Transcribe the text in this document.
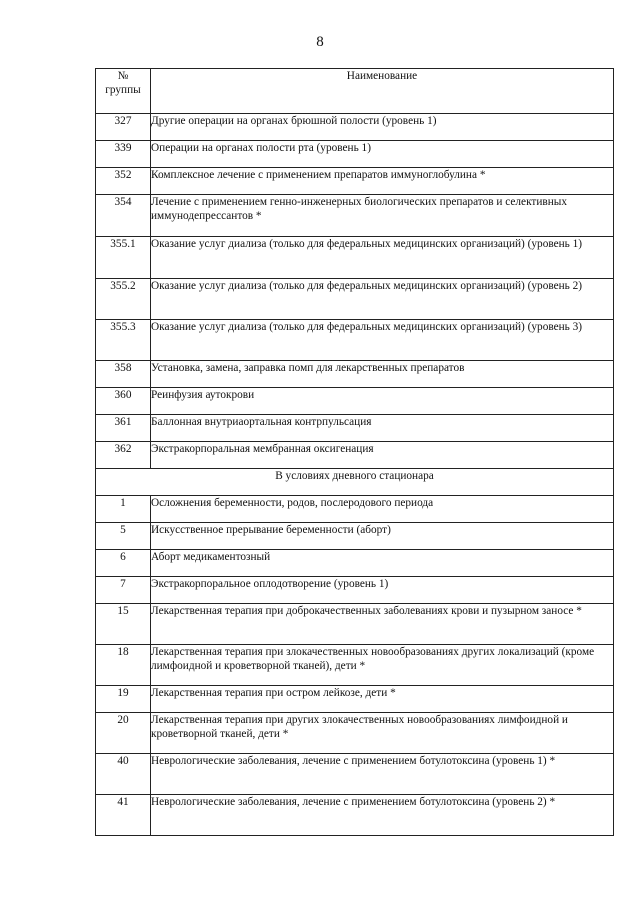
8
№
группы	Наименование
327	Другие операции на органах брюшной полости (уровень 1)
339	Операции на органах полости рта (уровень 1)
352	Комплексное лечение с применением препаратов иммуноглобулина *
354	Лечение с применением генно-инженерных биологических препаратов и селективных иммунодепрессантов *
355.1	Оказание услуг диализа (только для федеральных медицинских организаций) (уровень 1)
355.2	Оказание услуг диализа (только для федеральных медицинских организаций) (уровень 2)
355.3	Оказание услуг диализа (только для федеральных медицинских организаций) (уровень 3)
358	Установка, замена, заправка помп для лекарственных препаратов
360	Реинфузия аутокрови
361	Баллонная внутриаортальная контрпульсация
362	Экстракорпоральная мембранная оксигенация
В условиях дневного стационара	
1	Осложнения беременности, родов, послеродового периода
5	Искусственное прерывание беременности (аборт)
6	Аборт медикаментозный
7	Экстракорпоральное оплодотворение (уровень 1)
15	Лекарственная терапия при доброкачественных заболеваниях крови и пузырном заносе *
18	Лекарственная терапия при злокачественных новообразованиях других локализаций (кроме лимфоидной и кроветворной тканей), дети *
19	Лекарственная терапия при остром лейкозе, дети *
20	Лекарственная терапия при других злокачественных новообразованиях лимфоидной и кроветворной тканей, дети *
40	Неврологические заболевания, лечение с применением ботулотоксина (уровень 1) *
41	Неврологические заболевания, лечение с применением ботулотоксина (уровень 2) *
